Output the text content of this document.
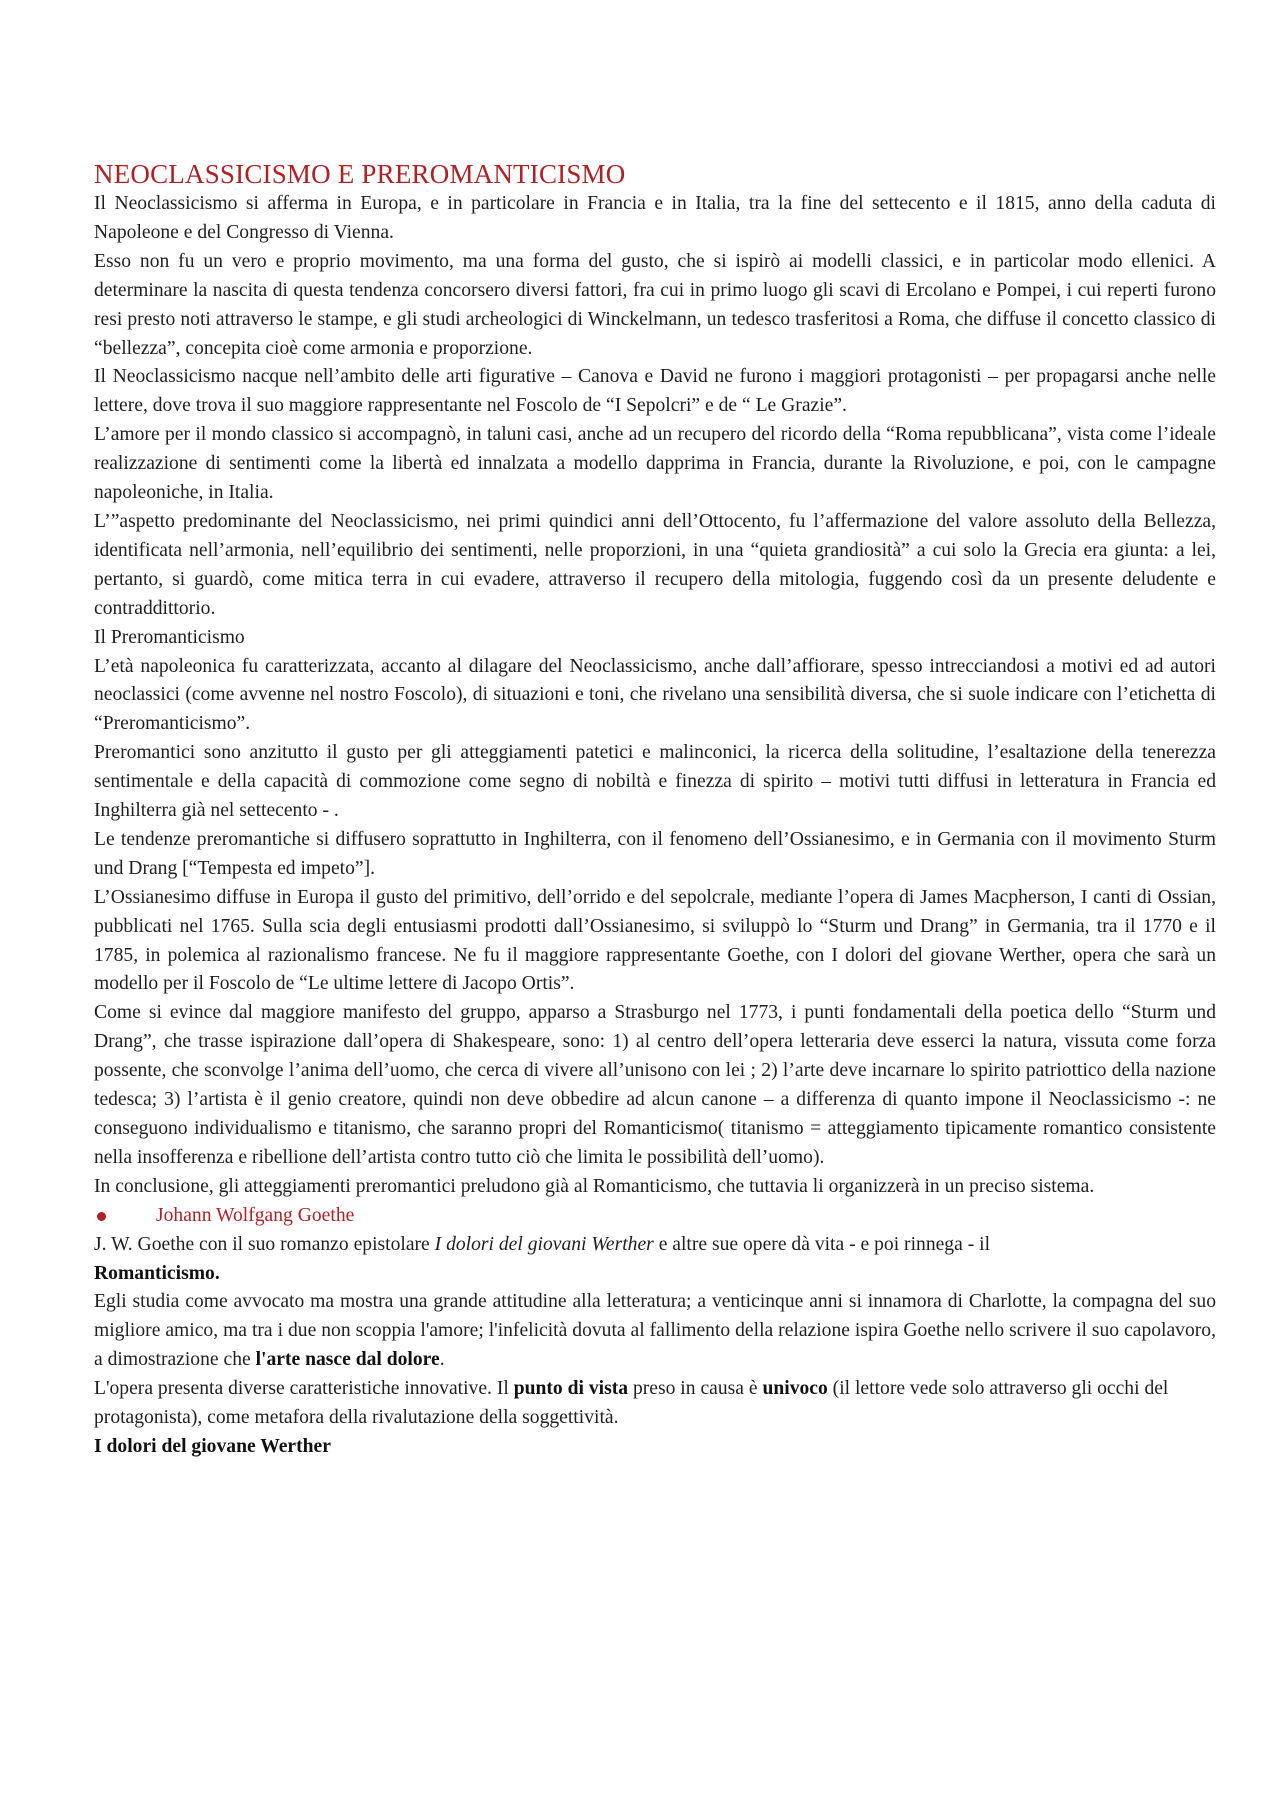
NEOCLASSICISMO E PREROMANTICISMO

Il Neoclassicismo si afferma in Europa, e in particolare in Francia e in Italia, tra la fine del settecento e il 1815, anno della caduta di Napoleone e del Congresso di Vienna.

Esso non fu un vero e proprio movimento, ma una forma del gusto, che si ispirò ai modelli classici, e in particolar modo ellenici. A determinare la nascita di questa tendenza concorsero diversi fattori, fra cui in primo luogo gli scavi di Ercolano e Pompei, i cui reperti furono resi presto noti attraverso le stampe, e gli studi archeologici di Winckelmann, un tedesco trasferitosi a Roma, che diffuse il concetto classico di “bellezza”, concepita cioè come armonia e proporzione.

Il Neoclassicismo nacque nell’ambito delle arti figurative – Canova e David ne furono i maggiori protagonisti – per propagarsi anche nelle lettere, dove trova il suo maggiore rappresentante nel Foscolo de “I Sepolcri” e de “ Le Grazie”.

L’amore per il mondo classico si accompagnò, in taluni casi, anche ad un recupero del ricordo della “Roma repubblicana”, vista come l’ideale realizzazione di sentimenti come la libertà ed innalzata a modello dapprima in Francia, durante la Rivoluzione, e poi, con le campagne napoleoniche, in Italia.

L’”aspetto predominante del Neoclassicismo, nei primi quindici anni dell’Ottocento, fu l’affermazione del valore assoluto della Bellezza, identificata nell’armonia, nell’equilibrio dei sentimenti, nelle proporzioni, in una “quieta grandiosità” a cui solo la Grecia era giunta: a lei, pertanto, si guardò, come mitica terra in cui evadere, attraverso il recupero della mitologia, fuggendo così da un presente deludente e contraddittorio.

Il Preromanticismo

L’età napoleonica fu caratterizzata, accanto al dilagare del Neoclassicismo, anche dall’affiorare, spesso intrecciandosi a motivi ed ad autori neoclassici (come avvenne nel nostro Foscolo), di situazioni e toni, che rivelano una sensibilità diversa, che si suole indicare con l’etichetta di “Preromanticismo”.

Preromantici sono anzitutto il gusto per gli atteggiamenti patetici e malinconici, la ricerca della solitudine, l’esaltazione della tenerezza sentimentale e della capacità di commozione come segno di nobiltà e finezza di spirito – motivi tutti diffusi in letteratura in Francia ed Inghilterra già nel settecento - .

Le tendenze preromantiche si diffusero soprattutto in Inghilterra, con il fenomeno dell’Ossianesimo, e in Germania con il movimento Sturm und Drang [“Tempesta ed impeto”].

L’Ossianesimo diffuse in Europa il gusto del primitivo, dell’orrido e del sepolcrale, mediante l’opera di James Macpherson, I canti di Ossian, pubblicati nel 1765. Sulla scia degli entusiasmi prodotti dall’Ossianesimo, si sviluppò lo “Sturm und Drang” in Germania, tra il 1770 e il 1785, in polemica al razionalismo francese. Ne fu il maggiore rappresentante Goethe, con I dolori del giovane Werther, opera che sarà un modello per il Foscolo de “Le ultime lettere di Jacopo Ortis”.

Come si evince dal maggiore manifesto del gruppo, apparso a Strasburgo nel 1773, i punti fondamentali della poetica dello “Sturm und Drang”, che trasse ispirazione dall’opera di Shakespeare, sono: 1) al centro dell’opera letteraria deve esserci la natura, vissuta come forza possente, che sconvolge l’anima dell’uomo, che cerca di vivere all’unisono con lei ; 2) l’arte deve incarnare lo spirito patriottico della nazione tedesca; 3) l’artista è il genio creatore, quindi non deve obbedire ad alcun canone – a differenza di quanto impone il Neoclassicismo -: ne conseguono individualismo e titanismo, che saranno propri del Romanticismo( titanismo = atteggiamento tipicamente romantico consistente nella insofferenza e ribellione dell’artista contro tutto ciò che limita le possibilità dell’uomo).

In conclusione, gli atteggiamenti preromantici preludono già al Romanticismo, che tuttavia li organizzerà in un preciso sistema.

Johann Wolfgang Goethe

J. W. Goethe con il suo romanzo epistolare I dolori del giovani Werther e altre sue opere dà vita - e poi rinnega - il
Romanticismo.

Egli studia come avvocato ma mostra una grande attitudine alla letteratura; a venticinque anni si innamora di Charlotte, la compagna del suo migliore amico, ma tra i due non scoppia l'amore; l'infelicità dovuta al fallimento della relazione ispira Goethe nello scrivere il suo capolavoro, a dimostrazione che l'arte nasce dal dolore.

L'opera presenta diverse caratteristiche innovative. Il punto di vista preso in causa è univoco (il lettore vede solo attraverso gli occhi del protagonista), come metafora della rivalutazione della soggettività.

I dolori del giovane Werther
